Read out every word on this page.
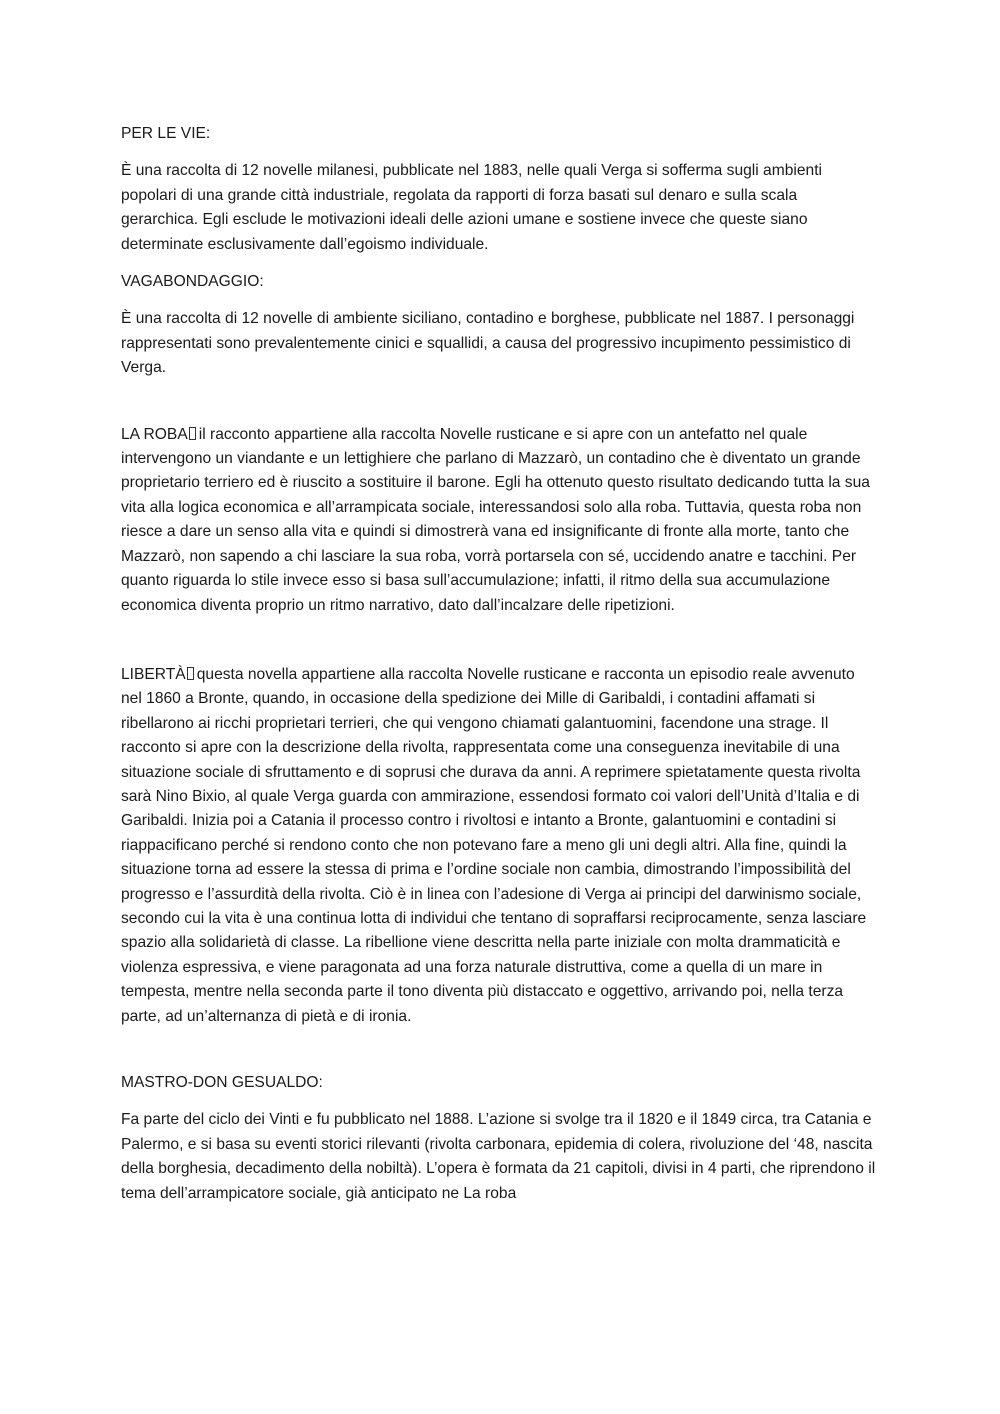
PER LE VIE:

È una raccolta di 12 novelle milanesi, pubblicate nel 1883, nelle quali Verga si sofferma sugli ambienti popolari di una grande città industriale, regolata da rapporti di forza basati sul denaro e sulla scala gerarchica. Egli esclude le motivazioni ideali delle azioni umane e sostiene invece che queste siano determinate esclusivamente dall’egoismo individuale.

VAGABONDAGGIO:

È una raccolta di 12 novelle di ambiente siciliano, contadino e borghese, pubblicate nel 1887. I personaggi rappresentati sono prevalentemente cinici e squallidi, a causa del progressivo incupimento pessimistico di Verga.

LA ROBA il racconto appartiene alla raccolta Novelle rusticane e si apre con un antefatto nel quale intervengono un viandante e un lettighiere che parlano di Mazzarò, un contadino che è diventato un grande proprietario terriero ed è riuscito a sostituire il barone. Egli ha ottenuto questo risultato dedicando tutta la sua vita alla logica economica e all’arrampicata sociale, interessandosi solo alla roba. Tuttavia, questa roba non riesce a dare un senso alla vita e quindi si dimostrerà vana ed insignificante di fronte alla morte, tanto che Mazzarò, non sapendo a chi lasciare la sua roba, vorrà portarsela con sé, uccidendo anatre e tacchini. Per quanto riguarda lo stile invece esso si basa sull’accumulazione; infatti, il ritmo della sua accumulazione economica diventa proprio un ritmo narrativo, dato dall’incalzare delle ripetizioni.

LIBERTÀ questa novella appartiene alla raccolta Novelle rusticane e racconta un episodio reale avvenuto nel 1860 a Bronte, quando, in occasione della spedizione dei Mille di Garibaldi, i contadini affamati si ribellarono ai ricchi proprietari terrieri, che qui vengono chiamati galantuomini, facendone una strage. Il racconto si apre con la descrizione della rivolta, rappresentata come una conseguenza inevitabile di una situazione sociale di sfruttamento e di soprusi che durava da anni. A reprimere spietatamente questa rivolta sarà Nino Bixio, al quale Verga guarda con ammirazione, essendosi formato coi valori dell’Unità d’Italia e di Garibaldi. Inizia poi a Catania il processo contro i rivoltosi e intanto a Bronte, galantuomini e contadini si riappacificano perché si rendono conto che non potevano fare a meno gli uni degli altri. Alla fine, quindi la situazione torna ad essere la stessa di prima e l’ordine sociale non cambia, dimostrando l’impossibilità del progresso e l’assurdità della rivolta. Ciò è in linea con l’adesione di Verga ai principi del darwinismo sociale, secondo cui la vita è una continua lotta di individui che tentano di sopraffarsi reciprocamente, senza lasciare spazio alla solidarietà di classe. La ribellione viene descritta nella parte iniziale con molta drammaticità e violenza espressiva, e viene paragonata ad una forza naturale distruttiva, come a quella di un mare in tempesta, mentre nella seconda parte il tono diventa più distaccato e oggettivo, arrivando poi, nella terza parte, ad un’alternanza di pietà e di ironia.

MASTRO-DON GESUALDO:

Fa parte del ciclo dei Vinti e fu pubblicato nel 1888. L’azione si svolge tra il 1820 e il 1849 circa, tra Catania e Palermo, e si basa su eventi storici rilevanti (rivolta carbonara, epidemia di colera, rivoluzione del ‘48, nascita della borghesia, decadimento della nobiltà). L’opera è formata da 21 capitoli, divisi in 4 parti, che riprendono il tema dell’arrampicatore sociale, già anticipato ne La roba
